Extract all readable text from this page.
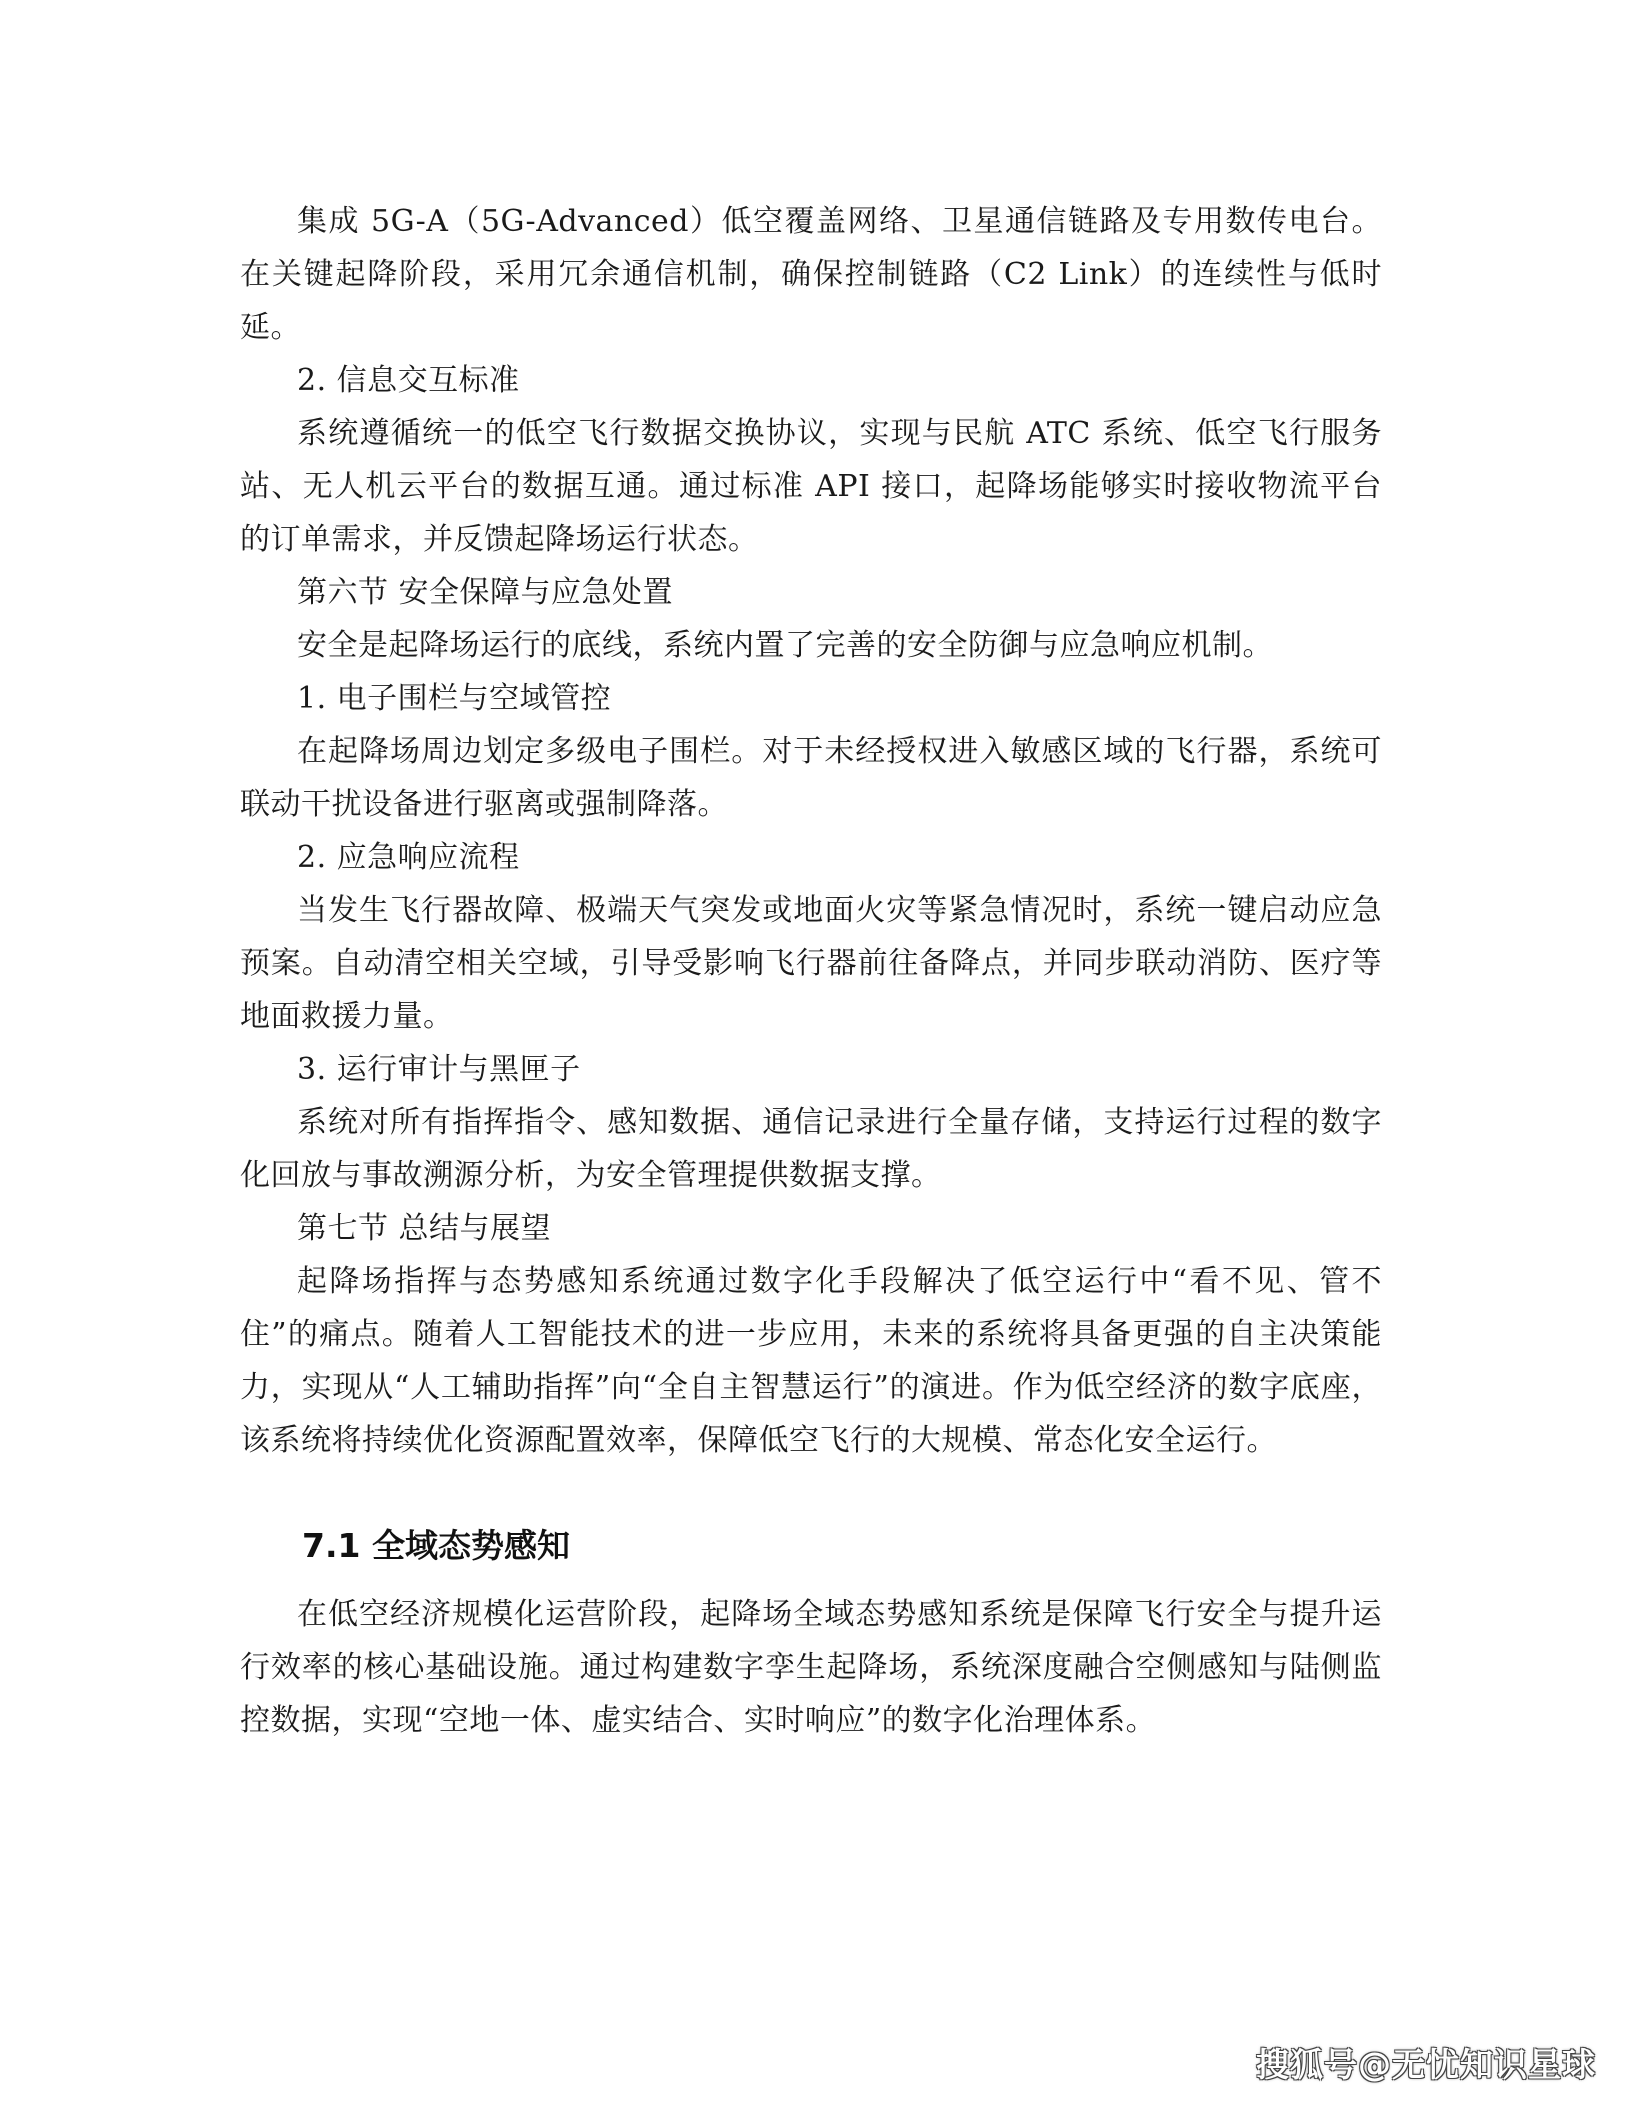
集成 5G-A（5G-Advanced）低空覆盖网络、卫星通信链路及专用数传电台。在关键起降阶段，采用冗余通信机制，确保控制链路（C2 Link）的连续性与低时延。

2. 信息交互标准

系统遵循统一的低空飞行数据交换协议，实现与民航 ATC 系统、低空飞行服务站、无人机云平台的数据互通。通过标准 API 接口，起降场能够实时接收物流平台的订单需求，并反馈起降场运行状态。

第六节 安全保障与应急处置

安全是起降场运行的底线，系统内置了完善的安全防御与应急响应机制。

1. 电子围栏与空域管控

在起降场周边划定多级电子围栏。对于未经授权进入敏感区域的飞行器，系统可联动干扰设备进行驱离或强制降落。

2. 应急响应流程

当发生飞行器故障、极端天气突发或地面火灾等紧急情况时，系统一键启动应急预案。自动清空相关空域，引导受影响飞行器前往备降点，并同步联动消防、医疗等地面救援力量。

3. 运行审计与黑匣子

系统对所有指挥指令、感知数据、通信记录进行全量存储，支持运行过程的数字化回放与事故溯源分析，为安全管理提供数据支撑。

第七节 总结与展望

起降场指挥与态势感知系统通过数字化手段解决了低空运行中“看不见、管不住”的痛点。随着人工智能技术的进一步应用，未来的系统将具备更强的自主决策能力，实现从“人工辅助指挥”向“全自主智慧运行”的演进。作为低空经济的数字底座，该系统将持续优化资源配置效率，保障低空飞行的大规模、常态化安全运行。

7.1 全域态势感知

在低空经济规模化运营阶段，起降场全域态势感知系统是保障飞行安全与提升运行效率的核心基础设施。通过构建数字孪生起降场，系统深度融合空侧感知与陆侧监控数据，实现“空地一体、虚实结合、实时响应”的数字化治理体系。

搜狐号@无忧知识星球
